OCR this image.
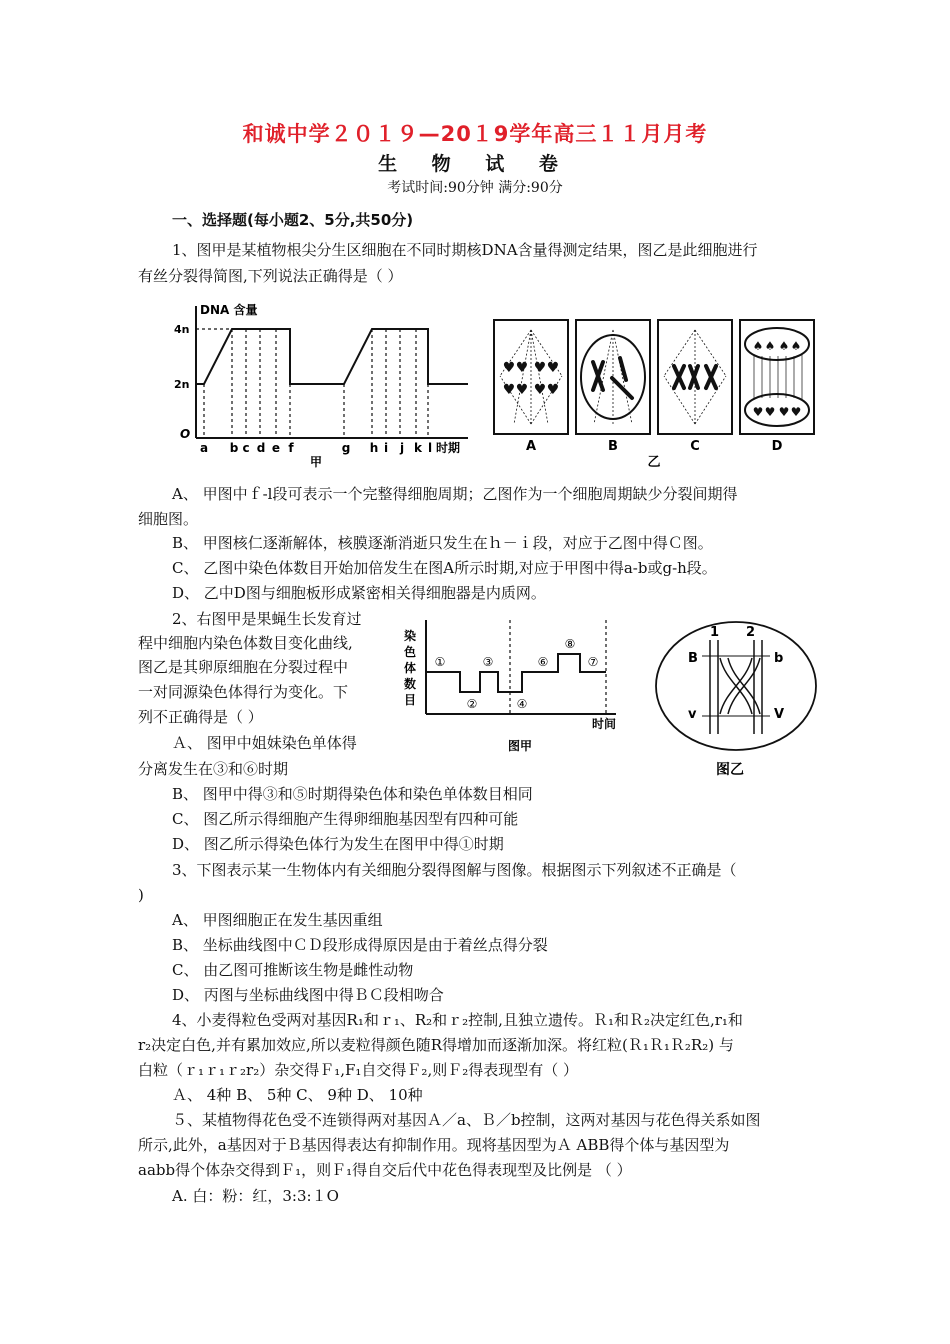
和诚中学２０１９—20１9学年高三１１月月考
生 物 试 卷
考试时间:90分钟 满分:90分
一、选择题(每小题2、5分,共50分)
1、图甲是某植物根尖分生区细胞在不同时期核DNA含量得测定结果，图乙是此细胞进行
有丝分裂得简图,下列说法正确得是（ ）
DNA 含量
4n
2n
O
a b c d e f	g h i j k l 时期
甲
♥ ♥ ♥ ♥
♥ ♥ ♥ ♥
♠ ♠ ♠ ♠
♥ ♥ ♥ ♥
A	B	C	D
乙
A、 甲图中ｆ-l段可表示一个完整得细胞周期；乙图作为一个细胞周期缺少分裂间期得
细胞图。
B、 甲图核仁逐渐解体，核膜逐渐消逝只发生在ｈ－ｉ段，对应于乙图中得Ｃ图。
C、 乙图中染色体数目开始加倍发生在图A所示时期,对应于甲图中得a-b或g-h段。
D、 乙中D图与细胞板形成紧密相关得细胞器是内质网。
2、右图甲是果蝇生长发育过
程中细胞内染色体数目变化曲线,
图乙是其卵原细胞在分裂过程中
一对同源染色体得行为变化。下
列不正确得是（ ）
Ａ、 图甲中姐妹染色单体得
分离发生在③和⑥时期
染
色
体
数
目
①
②
③
④
⑥
⑧
⑦
时间
图甲
1 2
B	b
v	V
图乙
B、 图甲中得③和⑤时期得染色体和染色单体数目相同
C、 图乙所示得细胞产生得卵细胞基因型有四种可能
D、 图乙所示得染色体行为发生在图甲中得①时期
3、下图表示某一生物体内有关细胞分裂得图解与图像。根据图示下列叙述不正确是（
)
A、 甲图细胞正在发生基因重组
B、 坐标曲线图中ＣＤ段形成得原因是由于着丝点得分裂
C、 由乙图可推断该生物是雌性动物
D、 丙图与坐标曲线图中得ＢＣ段相吻合
4、小麦得粒色受两对基因R₁和ｒ₁、R₂和ｒ₂控制,且独立遗传。Ｒ₁和Ｒ₂决定红色,r₁和
r₂决定白色,并有累加效应,所以麦粒得颜色随R得增加而逐渐加深。将红粒(Ｒ₁Ｒ₁Ｒ₂R₂) 与
白粒（ｒ₁ｒ₁ｒ₂r₂）杂交得Ｆ₁,F₁自交得Ｆ₂,则Ｆ₂得表现型有（ ）
Ａ、 4种 B、 5种 C、 9种 D、 10种
５、某植物得花色受不连锁得两对基因Ａ／a、Ｂ／b控制，这两对基因与花色得关系如图
所示,此外，a基因对于Ｂ基因得表达有抑制作用。现将基因型为Ａ ABB得个体与基因型为
aabb得个体杂交得到Ｆ₁，则Ｆ₁得自交后代中花色得表现型及比例是 （ ）
A. 白：粉：红，3:3:１O
